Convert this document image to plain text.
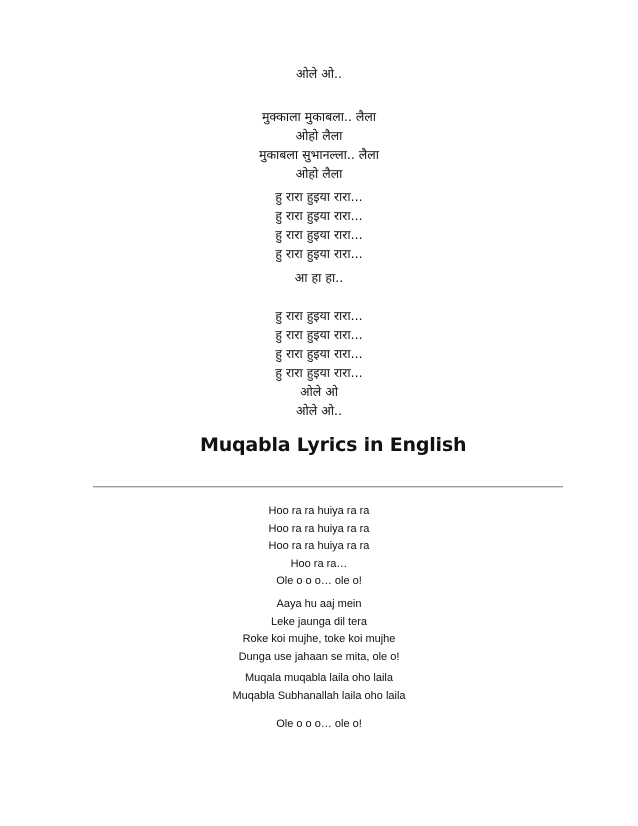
ओले ओ..
मुक्काला मुकाबला.. लैला
ओहो लैला
मुकाबला सुभानल्ला.. लैला
ओहो लैला
हु रारा हुइया रारा...
हु रारा हुइया रारा...
हु रारा हुइया रारा...
हु रारा हुइया रारा...
आ हा हा..
हु रारा हुइया रारा...
हु रारा हुइया रारा...
हु रारा हुइया रारा...
हु रारा हुइया रारा...
ओले ओ
ओले ओ..
Muqabla Lyrics in English
Hoo ra ra huiya ra ra
Hoo ra ra huiya ra ra
Hoo ra ra huiya ra ra
Hoo ra ra…
Ole o o o… ole o!
Aaya hu aaj mein
Leke jaunga dil tera
Roke koi mujhe, toke koi mujhe
Dunga use jahaan se mita, ole o!
Muqala muqabla laila oho laila
Muqabla Subhanallah laila oho laila
Ole o o o… ole o!
